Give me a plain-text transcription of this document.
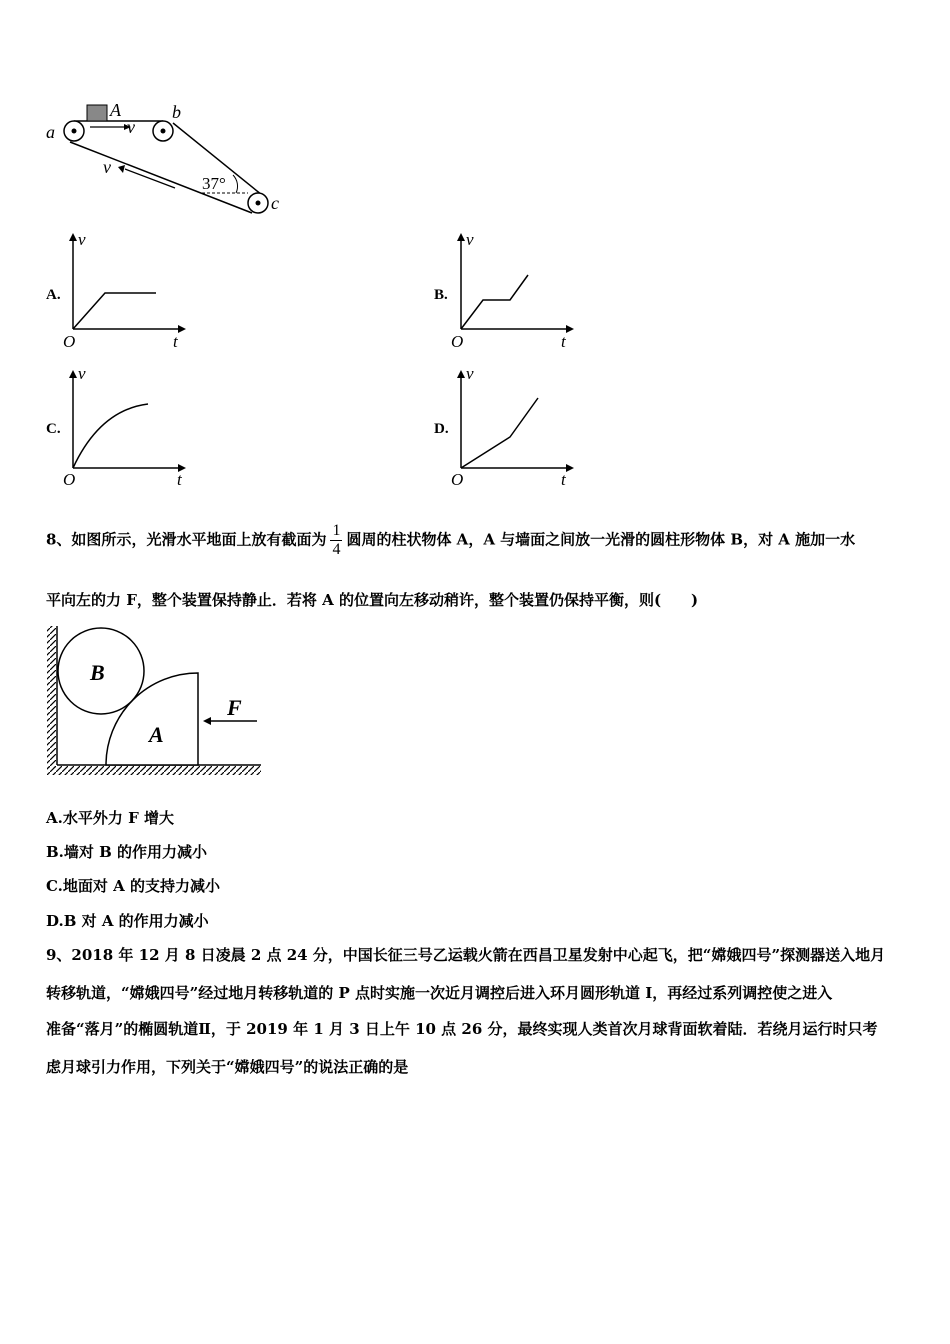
a
b
c
A
v
v
37°
A.
v
t
O
B.
v
t
O
C.
v
t
O
D.
v
t
O
8、如图所示，光滑水平地面上放有截面为 $\frac{1}{4}$ 圆周的柱状物体 A，A 与墙面之间放一光滑的圆柱形物体 B，对 A 施加一水
平向左的力 F，整个装置保持静止．若将 A 的位置向左移动稍许，整个装置仍保持平衡，则(　　)
B
A
F
A.水平外力 F 增大
B.墙对 B 的作用力减小
C.地面对 A 的支持力减小
D.B 对 A 的作用力减小
9、2018 年 12 月 8 日凌晨 2 点 24 分，中国长征三号乙运载火箭在西昌卫星发射中心起飞，把“嫦娥四号”探测器送入地月
转移轨道，“嫦娥四号”经过地月转移轨道的 P 点时实施一次近月调控后进入环月圆形轨道 I，再经过系列调控使之进入
准备“落月”的椭圆轨道Ⅱ，于 2019 年 1 月 3 日上午 10 点 26 分，最终实现人类首次月球背面软着陆．若绕月运行时只考
虑月球引力作用，下列关于“嫦娥四号”的说法正确的是
